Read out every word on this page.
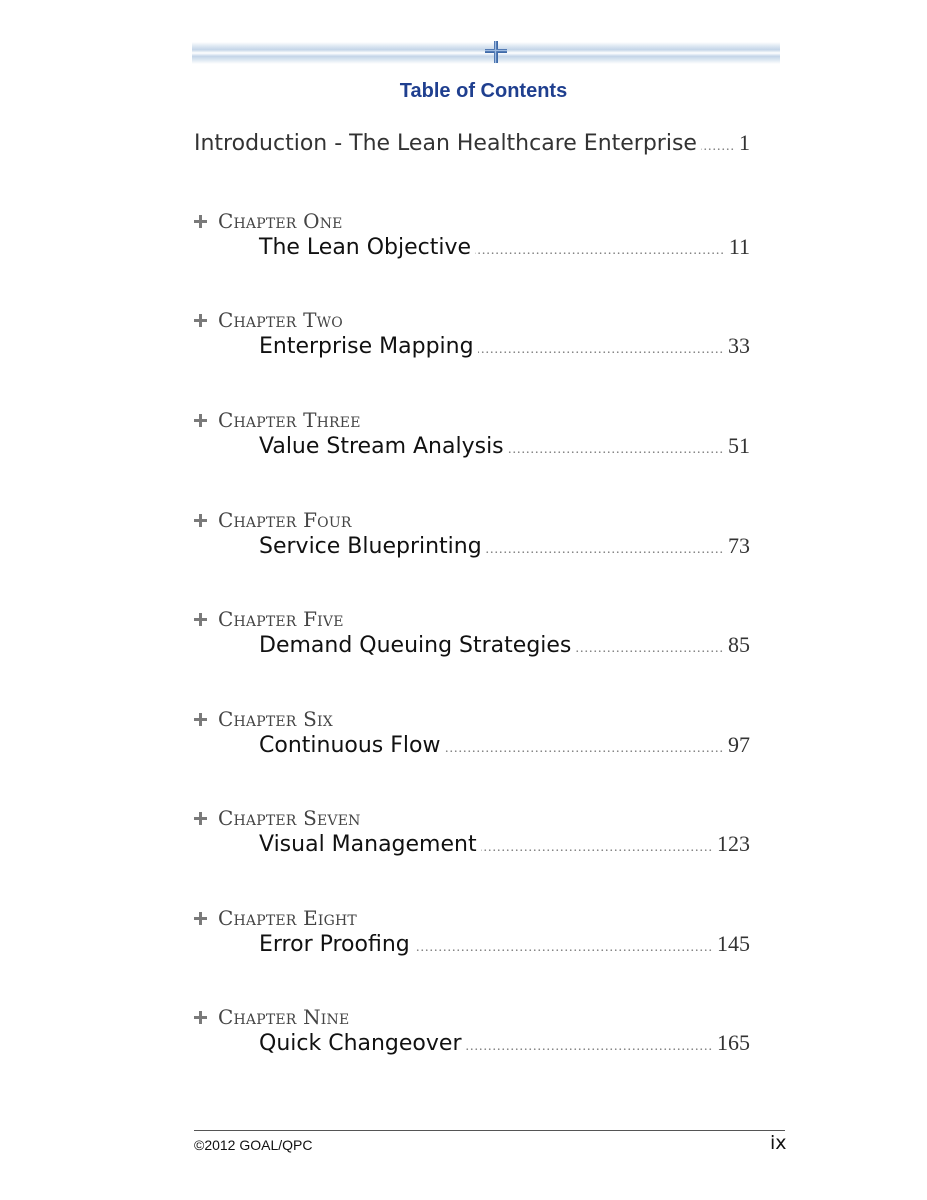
Table of Contents
Introduction - The Lean Healthcare Enterprise ..... 1
Chapter One
The Lean Objective .....	11
Chapter Two
Enterprise Mapping .....	33
Chapter Three
Value Stream Analysis .....	51
Chapter Four
Service Blueprinting .....	73
Chapter Five
Demand Queuing Strategies .....	85
Chapter Six
Continuous Flow .....	97
Chapter Seven
Visual Management .....	123
Chapter Eight
Error Proofing .....	145
Chapter Nine
Quick Changeover .....	165
©2012 GOAL/QPC	ix
